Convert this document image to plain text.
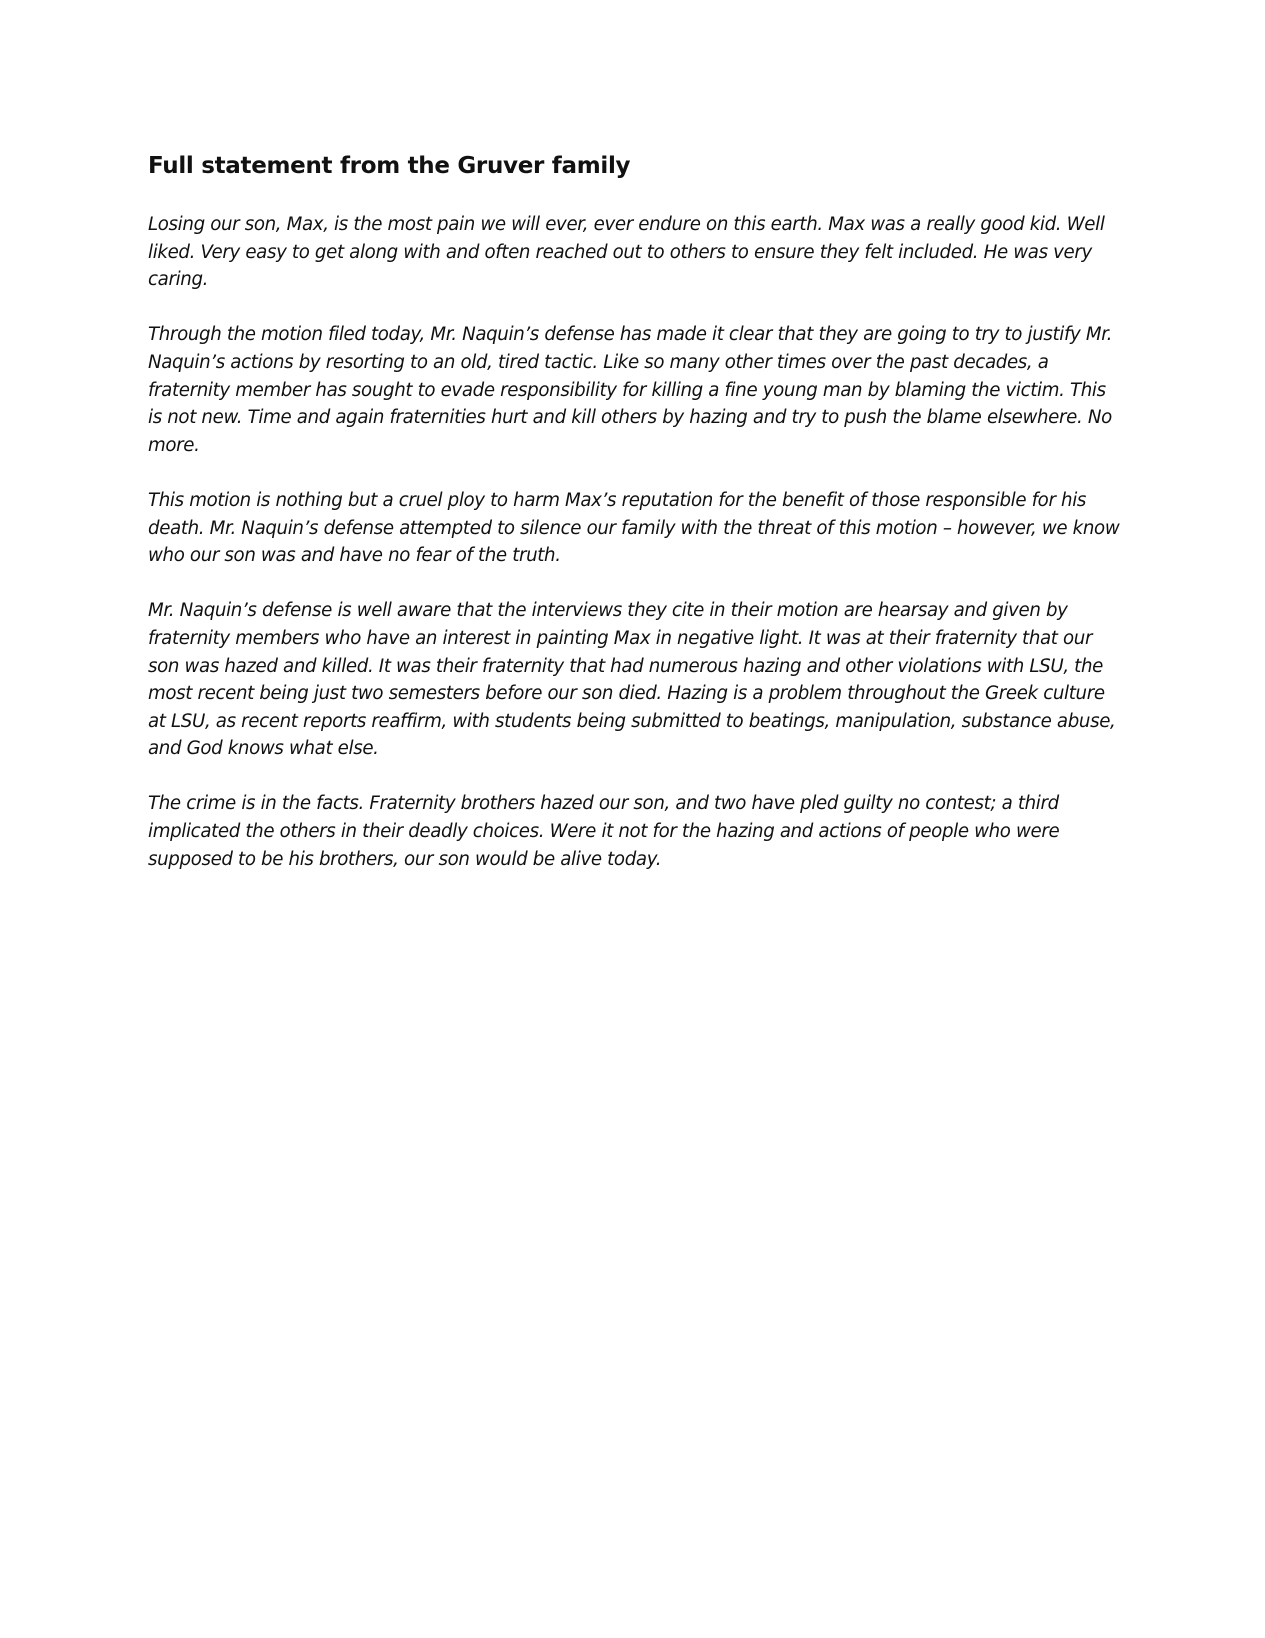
Full statement from the Gruver family

Losing our son, Max, is the most pain we will ever, ever endure on this earth. Max was a really good kid. Well liked. Very easy to get along with and often reached out to others to ensure they felt included. He was very caring.

Through the motion filed today, Mr. Naquin’s defense has made it clear that they are going to try to justify Mr. Naquin’s actions by resorting to an old, tired tactic. Like so many other times over the past decades, a fraternity member has sought to evade responsibility for killing a fine young man by blaming the victim. This is not new. Time and again fraternities hurt and kill others by hazing and try to push the blame elsewhere. No more.

This motion is nothing but a cruel ploy to harm Max’s reputation for the benefit of those responsible for his death. Mr. Naquin’s defense attempted to silence our family with the threat of this motion – however, we know who our son was and have no fear of the truth.

Mr. Naquin’s defense is well aware that the interviews they cite in their motion are hearsay and given by fraternity members who have an interest in painting Max in negative light. It was at their fraternity that our son was hazed and killed. It was their fraternity that had numerous hazing and other violations with LSU, the most recent being just two semesters before our son died. Hazing is a problem throughout the Greek culture at LSU, as recent reports reaffirm, with students being submitted to beatings, manipulation, substance abuse, and God knows what else.

The crime is in the facts. Fraternity brothers hazed our son, and two have pled guilty no contest; a third implicated the others in their deadly choices. Were it not for the hazing and actions of people who were supposed to be his brothers, our son would be alive today.
